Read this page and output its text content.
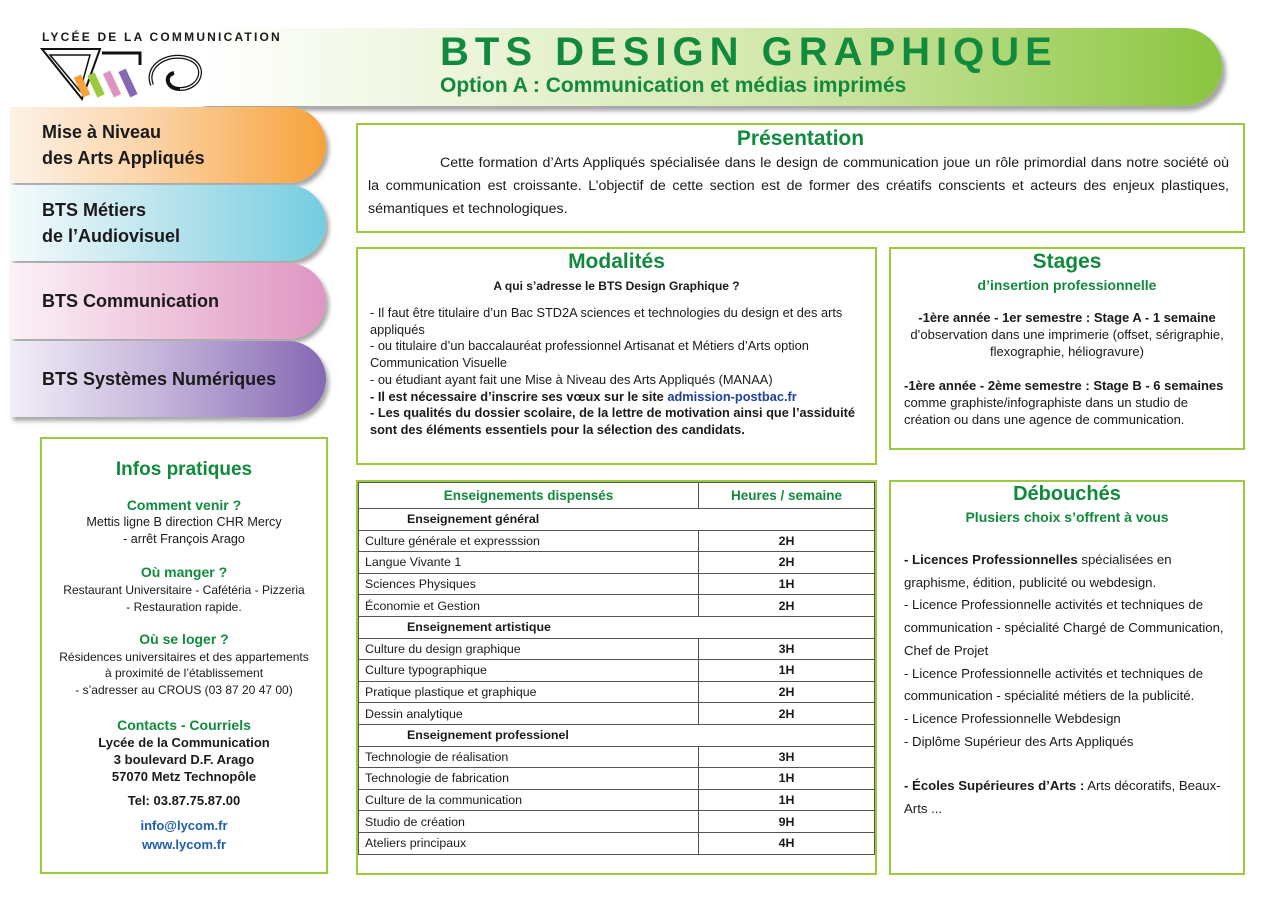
LYCÉE DE LA COMMUNICATION	BTS DESIGN GRAPHIQUE
Option A : Communication et médias imprimés
Mise à Niveau
des Arts Appliqués
BTS Métiers
de l’Audiovisuel
BTS Communication
BTS Systèmes Numériques
Présentation
Cette formation d’Arts Appliqués spécialisée dans le design de communication joue un rôle primordial dans notre société où la communication est croissante. L’objectif de cette section est de former des créatifs conscients et acteurs des enjeux plastiques, sémantiques et technologiques.
Modalités
A qui s’adresse le BTS Design Graphique ?
- Il faut être titulaire d’un Bac STD2A sciences et technologies du design et des arts appliqués
- ou titulaire d’un baccalauréat professionnel Artisanat et Métiers d’Arts option Communication Visuelle
- ou étudiant ayant fait une Mise à Niveau des Arts Appliqués (MANAA)
- Il est nécessaire d’inscrire ses vœux sur le site admission-postbac.fr
- Les qualités du dossier scolaire, de la lettre de motivation ainsi que l’assiduité
sont des éléments essentiels pour la sélection des candidats.
Stages
d’insertion professionnelle
-1ère année - 1er semestre : Stage A - 1 semaine
d’observation dans une imprimerie (offset, sérigraphie, flexographie, héliogravure)
-1ère année - 2ème semestre : Stage B - 6 semaines
comme graphiste/infographiste dans un studio de création ou dans une agence de communication.
Infos pratiques
Comment venir ?
Mettis ligne B direction CHR Mercy
- arrêt François Arago
Où manger ?
Restaurant Universitaire - Cafétéria - Pizzeria
- Restauration rapide.
Où se loger ?
Résidences universitaires et des appartements
à proximité de l’établissement
- s’adresser au CROUS (03 87 20 47 00)
Contacts - Courriels
Lycée de la Communication
3 boulevard D.F. Arago
57070 Metz Technopôle
Tel: 03.87.75.87.00
info@lycom.fr
www.lycom.fr
Enseignements dispensés	Heures / semaine
Enseignement général	
Culture générale et expresssion	2H
Langue Vivante 1	2H
Sciences Physiques	1H
Économie et Gestion	2H
Enseignement artistique	
Culture du design graphique	3H
Culture typographique	1H
Pratique plastique et graphique	2H
Dessin analytique	2H
Enseignement professionel	
Technologie de réalisation	3H
Technologie de fabrication	1H
Culture de la communication	1H
Studio de création	9H
Ateliers principaux	4H
Débouchés
Plusiers choix s’offrent à vous
- Licences Professionnelles spécialisées en graphisme, édition, publicité ou webdesign.
- Licence Professionnelle activités et techniques de communication - spécialité Chargé de Communication, Chef de Projet
- Licence Professionnelle activités et techniques de communication - spécialité métiers de la publicité.
- Licence Professionnelle Webdesign
- Diplôme Supérieur des Arts Appliqués
- Écoles Supérieures d’Arts : Arts décoratifs, Beaux-Arts ...
